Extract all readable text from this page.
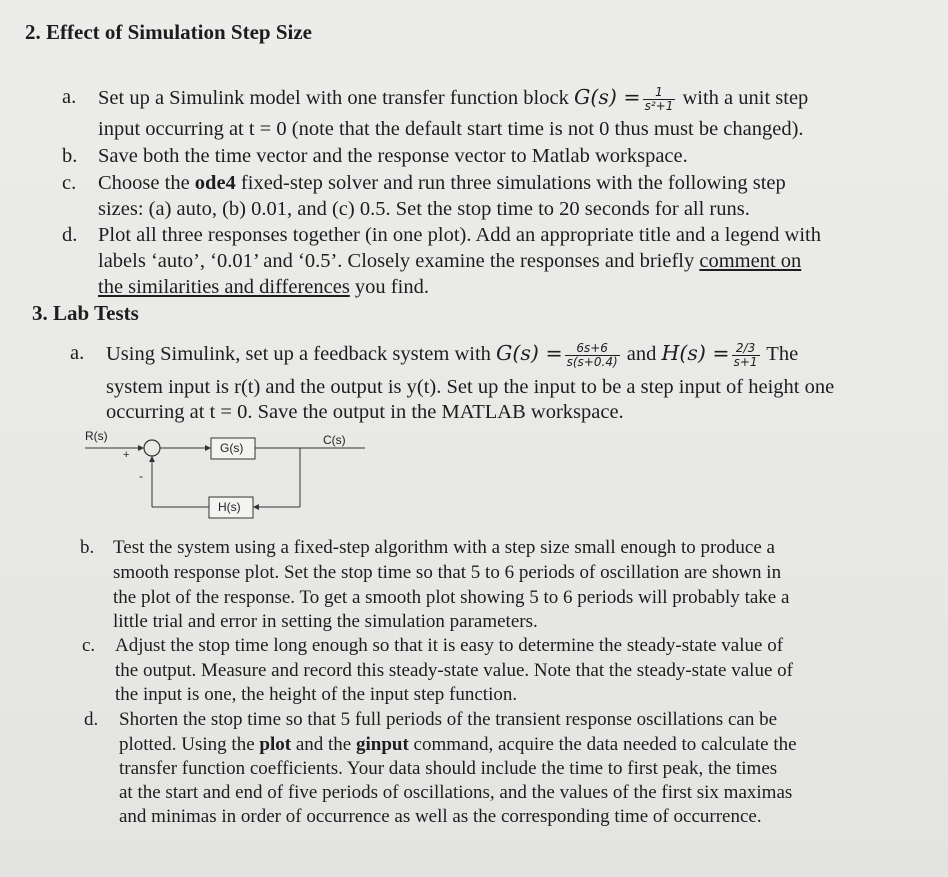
2. Effect of Simulation Step Size
a. Set up a Simulink model with one transfer function block $G(s) = \frac{1}{\text{s²+1}}$ with a unit step
input occurring at t = 0 (note that the default start time is not 0 thus must be changed).
b. Save both the time vector and the response vector to Matlab workspace.
c. Choose the ode4 fixed-step solver and run three simulations with the following step
sizes: (a) auto, (b) 0.01, and (c) 0.5. Set the stop time to 20 seconds for all runs.
d. Plot all three responses together (in one plot). Add an appropriate title and a legend with
labels ‘auto’, ‘0.01’ and ‘0.5’. Closely examine the responses and briefly comment on
the similarities and differences you find.
3. Lab Tests
a. Using Simulink, set up a feedback system with $G(s) = \frac{6s+6}{s(s+0.4)}$ and $H(s) = \frac{2/3}{s+1}$ The
system input is r(t) and the output is y(t). Set up the input to be a step input of height one
occurring at t = 0. Save the output in the MATLAB workspace.
R(s)
+
-
G(s)
C(s)
H(s)
b. Test the system using a fixed-step algorithm with a step size small enough to produce a
smooth response plot. Set the stop time so that 5 to 6 periods of oscillation are shown in
the plot of the response. To get a smooth plot showing 5 to 6 periods will probably take a
little trial and error in setting the simulation parameters.
c. Adjust the stop time long enough so that it is easy to determine the steady-state value of
the output. Measure and record this steady-state value. Note that the steady-state value of
the input is one, the height of the input step function.
d. Shorten the stop time so that 5 full periods of the transient response oscillations can be
plotted. Using the plot and the ginput command, acquire the data needed to calculate the
transfer function coefficients. Your data should include the time to first peak, the times
at the start and end of five periods of oscillations, and the values of the first six maximas
and minimas in order of occurrence as well as the corresponding time of occurrence.
